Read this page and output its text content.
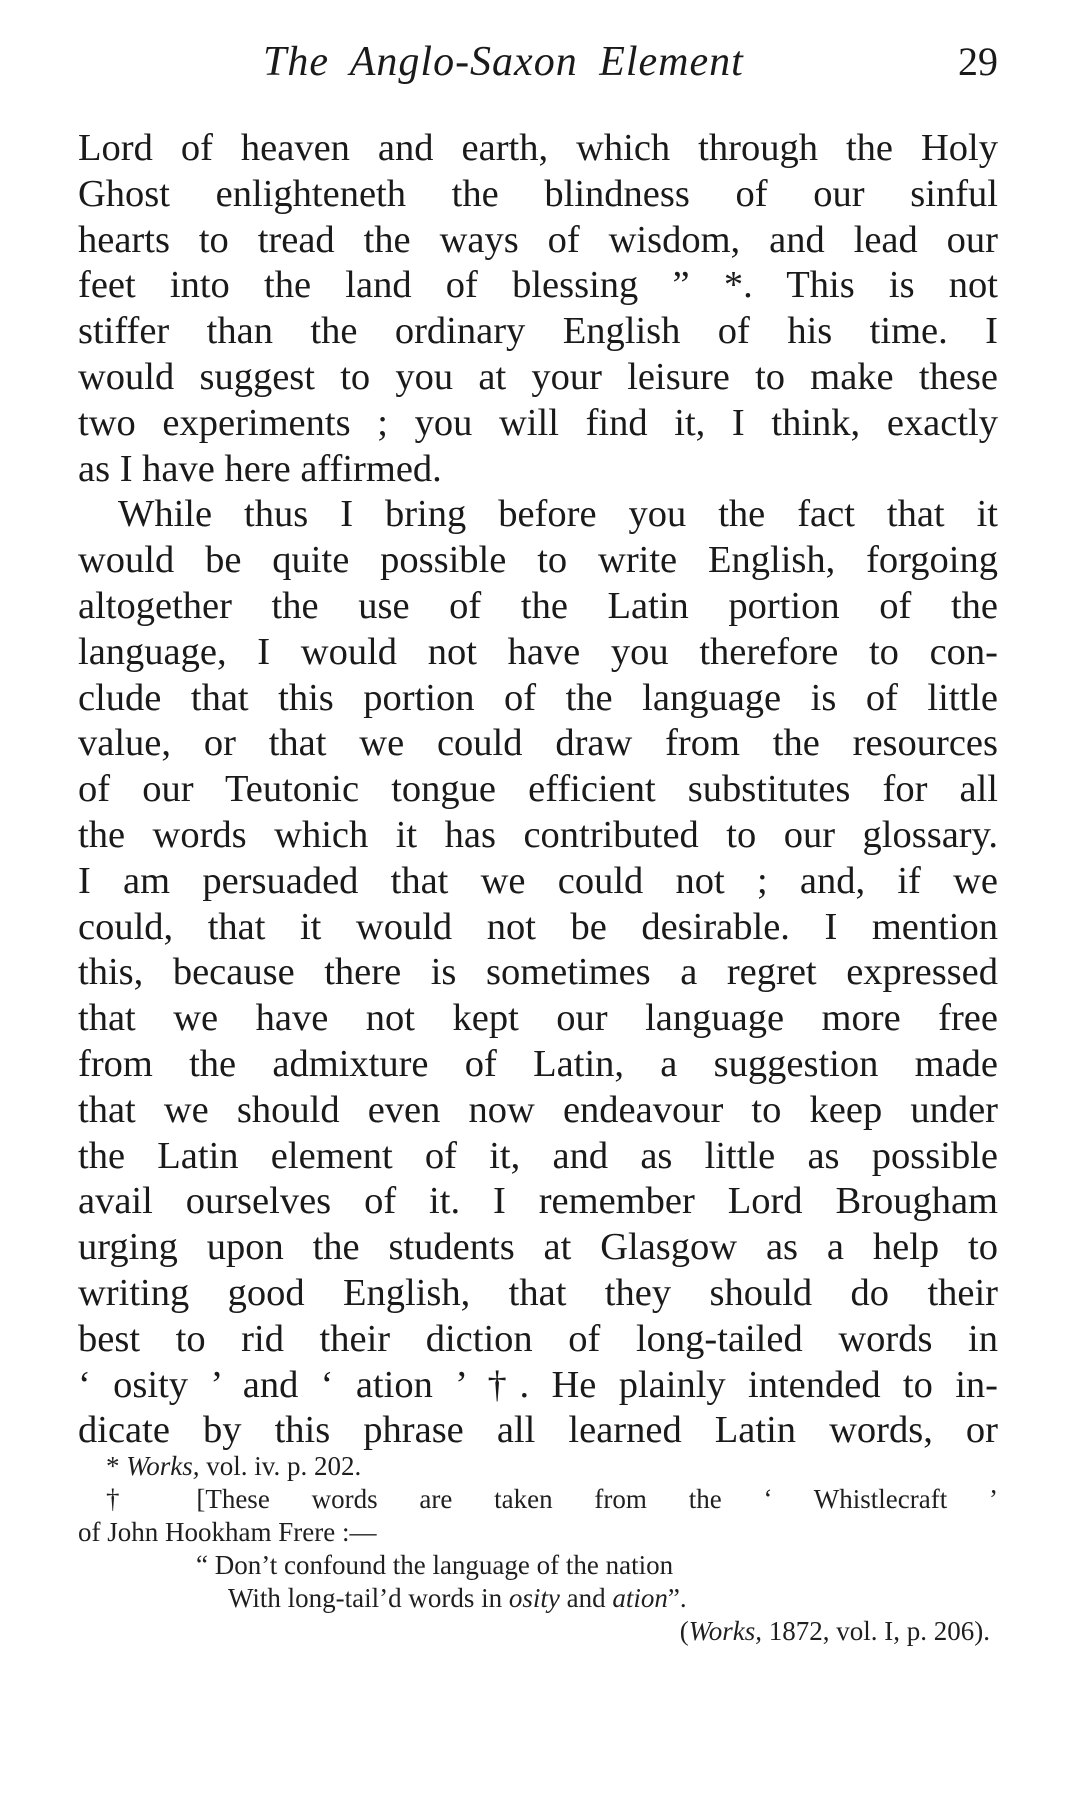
The Anglo-Saxon Element	29
Lord of heaven and earth, which through the Holy
Ghost enlighteneth the blindness of our sinful
hearts to tread the ways of wisdom, and lead our
feet into the land of blessing ” *. This is not
stiffer than the ordinary English of his time. I
would suggest to you at your leisure to make these
two experiments ; you will find it, I think, exactly
as I have here affirmed.
While thus I bring before you the fact that it
would be quite possible to write English, forgoing
altogether the use of the Latin portion of the
language, I would not have you therefore to con-
clude that this portion of the language is of little
value, or that we could draw from the resources
of our Teutonic tongue efficient substitutes for all
the words which it has contributed to our glossary.
I am persuaded that we could not ; and, if we
could, that it would not be desirable. I mention
this, because there is sometimes a regret expressed
that we have not kept our language more free
from the admixture of Latin, a suggestion made
that we should even now endeavour to keep under
the Latin element of it, and as little as possible
avail ourselves of it. I remember Lord Brougham
urging upon the students at Glasgow as a help to
writing good English, that they should do their
best to rid their diction of long-tailed words in
‘ osity ’ and ‘ ation ’ †. He plainly intended to in-
dicate by this phrase all learned Latin words, or
* Works, vol. iv. p. 202.
† [These words are taken from the ‘ Whistlecraft ’
of John Hookham Frere :—
“ Don’t confound the language of the nation
With long-tail’d words in osity and ation”.
(Works, 1872, vol. I, p. 206).
